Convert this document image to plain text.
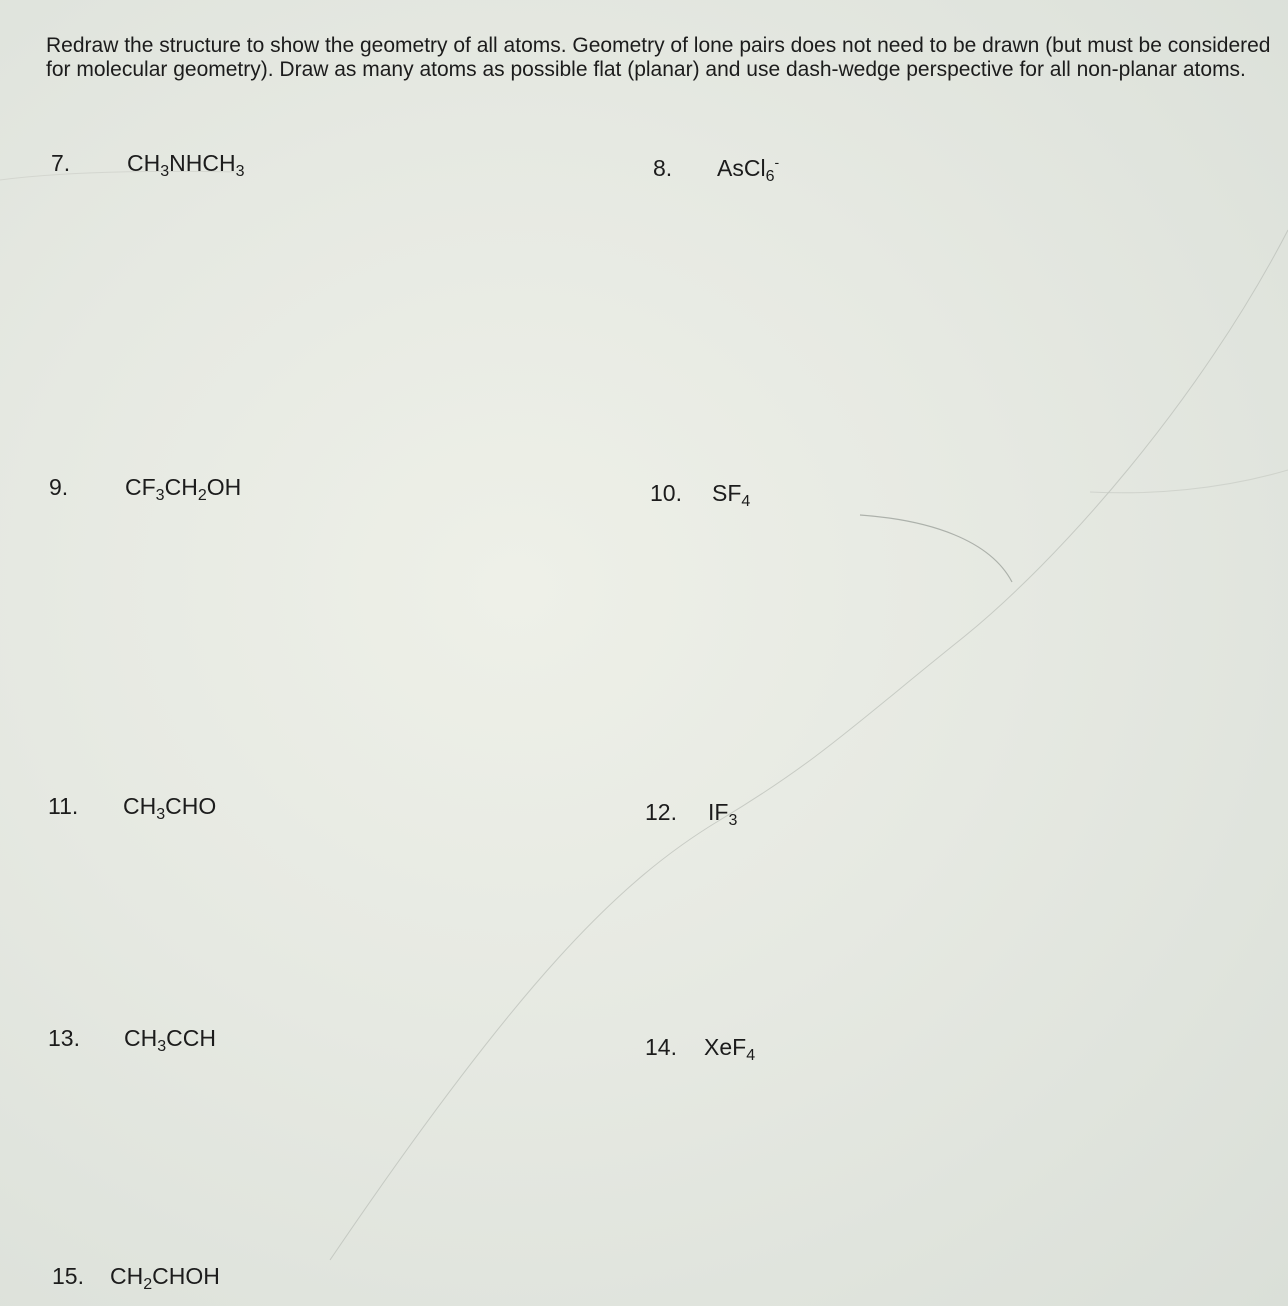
Redraw the structure to show the geometry of all atoms. Geometry of lone pairs does not need to be drawn (but must be considered for molecular geometry). Draw as many atoms as possible flat (planar) and use dash-wedge perspective for all non-planar atoms.

7. $CH_3NHCH_3$	8. AsCl$_6$-
9. $CF_3CH_2OH$	10. $SF_4$
11. $CH_3CHO$	12. $IF_3$
13. $CH_3CCH$	14. XeF$_4$
15. $CH_2CHOH$
